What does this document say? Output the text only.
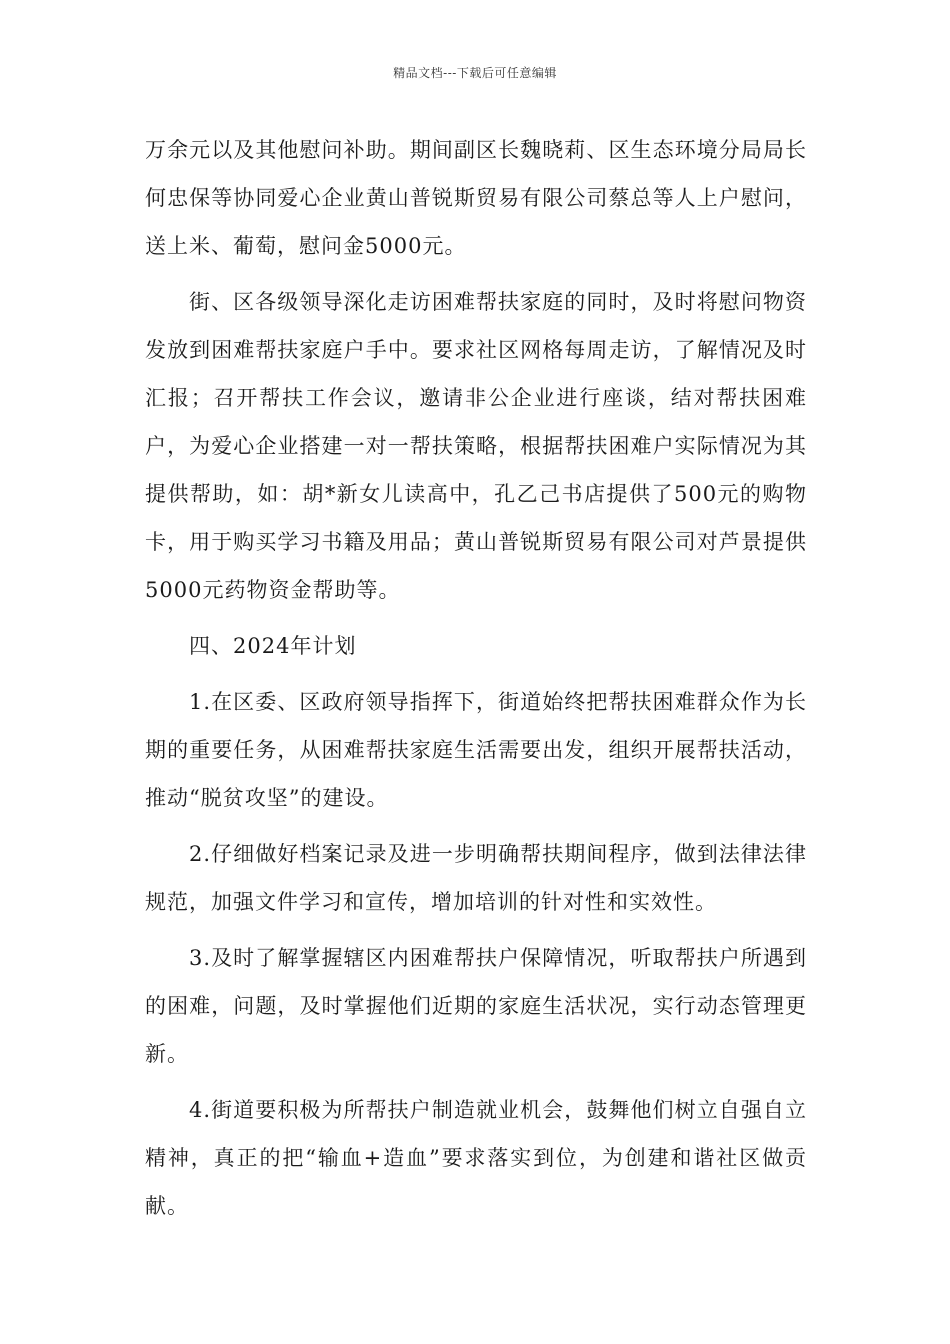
精品文档---下载后可任意编辑

万余元以及其他慰问补助。期间副区长魏晓莉、区生态环境分局局长何忠保等协同爱心企业黄山普锐斯贸易有限公司蔡总等人上户慰问，送上米、葡萄，慰问金5000元。

街、区各级领导深化走访困难帮扶家庭的同时，及时将慰问物资发放到困难帮扶家庭户手中。要求社区网格每周走访，了解情况及时汇报；召开帮扶工作会议，邀请非公企业进行座谈，结对帮扶困难户，为爱心企业搭建一对一帮扶策略，根据帮扶困难户实际情况为其提供帮助，如：胡*新女儿读高中，孔乙己书店提供了500元的购物卡，用于购买学习书籍及用品；黄山普锐斯贸易有限公司对芦景提供5000元药物资金帮助等。

四、2024年计划

1.在区委、区政府领导指挥下，街道始终把帮扶困难群众作为长期的重要任务，从困难帮扶家庭生活需要出发，组织开展帮扶活动，推动“脱贫攻坚”的建设。

2.仔细做好档案记录及进一步明确帮扶期间程序，做到法律法律规范，加强文件学习和宣传，增加培训的针对性和实效性。

3.及时了解掌握辖区内困难帮扶户保障情况，听取帮扶户所遇到的困难，问题，及时掌握他们近期的家庭生活状况，实行动态管理更新。

4.街道要积极为所帮扶户制造就业机会，鼓舞他们树立自强自立精神，真正的把“输血+造血”要求落实到位，为创建和谐社区做贡献。
